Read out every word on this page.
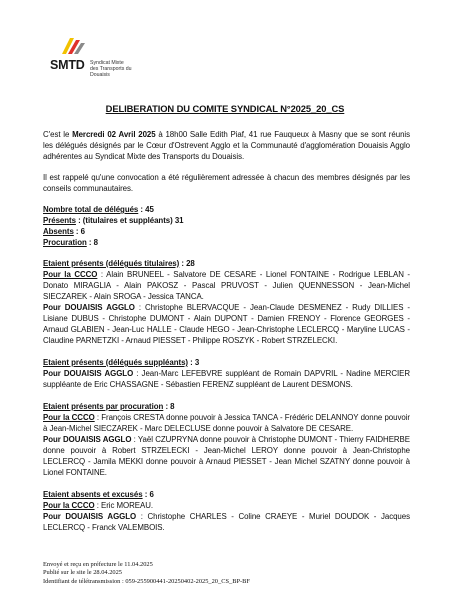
SMTD Syndicat Mixte
des Transports du Douaisis
DELIBERATION DU COMITE SYNDICAL N°2025_20_CS

C'est le Mercredi 02 Avril 2025 à 18h00 Salle Edith Piaf, 41 rue Fauqueux à Masny que se sont réunis les délégués désignés par le Cœur d'Ostrevent Agglo et la Communauté d'agglomération Douaisis Agglo adhérentes au Syndicat Mixte des Transports du Douaisis.

Il est rappelé qu'une convocation a été régulièrement adressée à chacun des membres désignés par les conseils communautaires.

Nombre total de délégués : 45

Présents : (titulaires et suppléants) 31

Absents : 6

Procuration : 8

Etaient présents (délégués titulaires) : 28

Pour la CCCO : Alain BRUNEEL - Salvatore DE CESARE - Lionel FONTAINE - Rodrigue LEBLAN - Donato MIRAGLIA - Alain PAKOSZ - Pascal PRUVOST - Julien QUENNESSON - Jean-Michel SIECZAREK - Alain SROGA - Jessica TANCA.

Pour DOUAISIS AGGLO : Christophe BLERVACQUE - Jean-Claude DESMENEZ - Rudy DILLIES - Lisiane DUBUS - Christophe DUMONT - Alain DUPONT - Damien FRENOY - Florence GEORGES - Arnaud GLABIEN - Jean-Luc HALLE - Claude HEGO - Jean-Christophe LECLERCQ - Maryline LUCAS - Claudine PARNETZKI - Arnaud PIESSET - Philippe ROSZYK - Robert STRZELECKI.

Etaient présents (délégués suppléants) : 3

Pour DOUAISIS AGGLO : Jean-Marc LEFEBVRE suppléant de Romain DAPVRIL - Nadine MERCIER suppléante de Eric CHASSAGNE - Sébastien FERENZ suppléant de Laurent DESMONS.

Etaient présents par procuration : 8

Pour la CCCO : François CRESTA donne pouvoir à Jessica TANCA - Frédéric DELANNOY donne pouvoir à Jean-Michel SIECZAREK - Marc DELECLUSE donne pouvoir à Salvatore DE CESARE.

Pour DOUAISIS AGGLO : Yaël CZUPRYNA donne pouvoir à Christophe DUMONT - Thierry FAIDHERBE donne pouvoir à Robert STRZELECKI - Jean-Michel LEROY donne pouvoir à Jean-Christophe LECLERCQ - Jamila MEKKI donne pouvoir à Arnaud PIESSET - Jean Michel SZATNY donne pouvoir à Lionel FONTAINE.

Etaient absents et excusés : 6

Pour la CCCO : Eric MOREAU.

Pour DOUAISIS AGGLO : Christophe CHARLES - Coline CRAEYE - Muriel DOUDOK - Jacques LECLERCQ - Franck VALEMBOIS.

Envoyé et reçu en préfecture le 11.04.2025
Publié sur le site le 28.04.2025
Identifiant de télétransmission : 059-255900441-20250402-2025_20_CS_BP-BF
